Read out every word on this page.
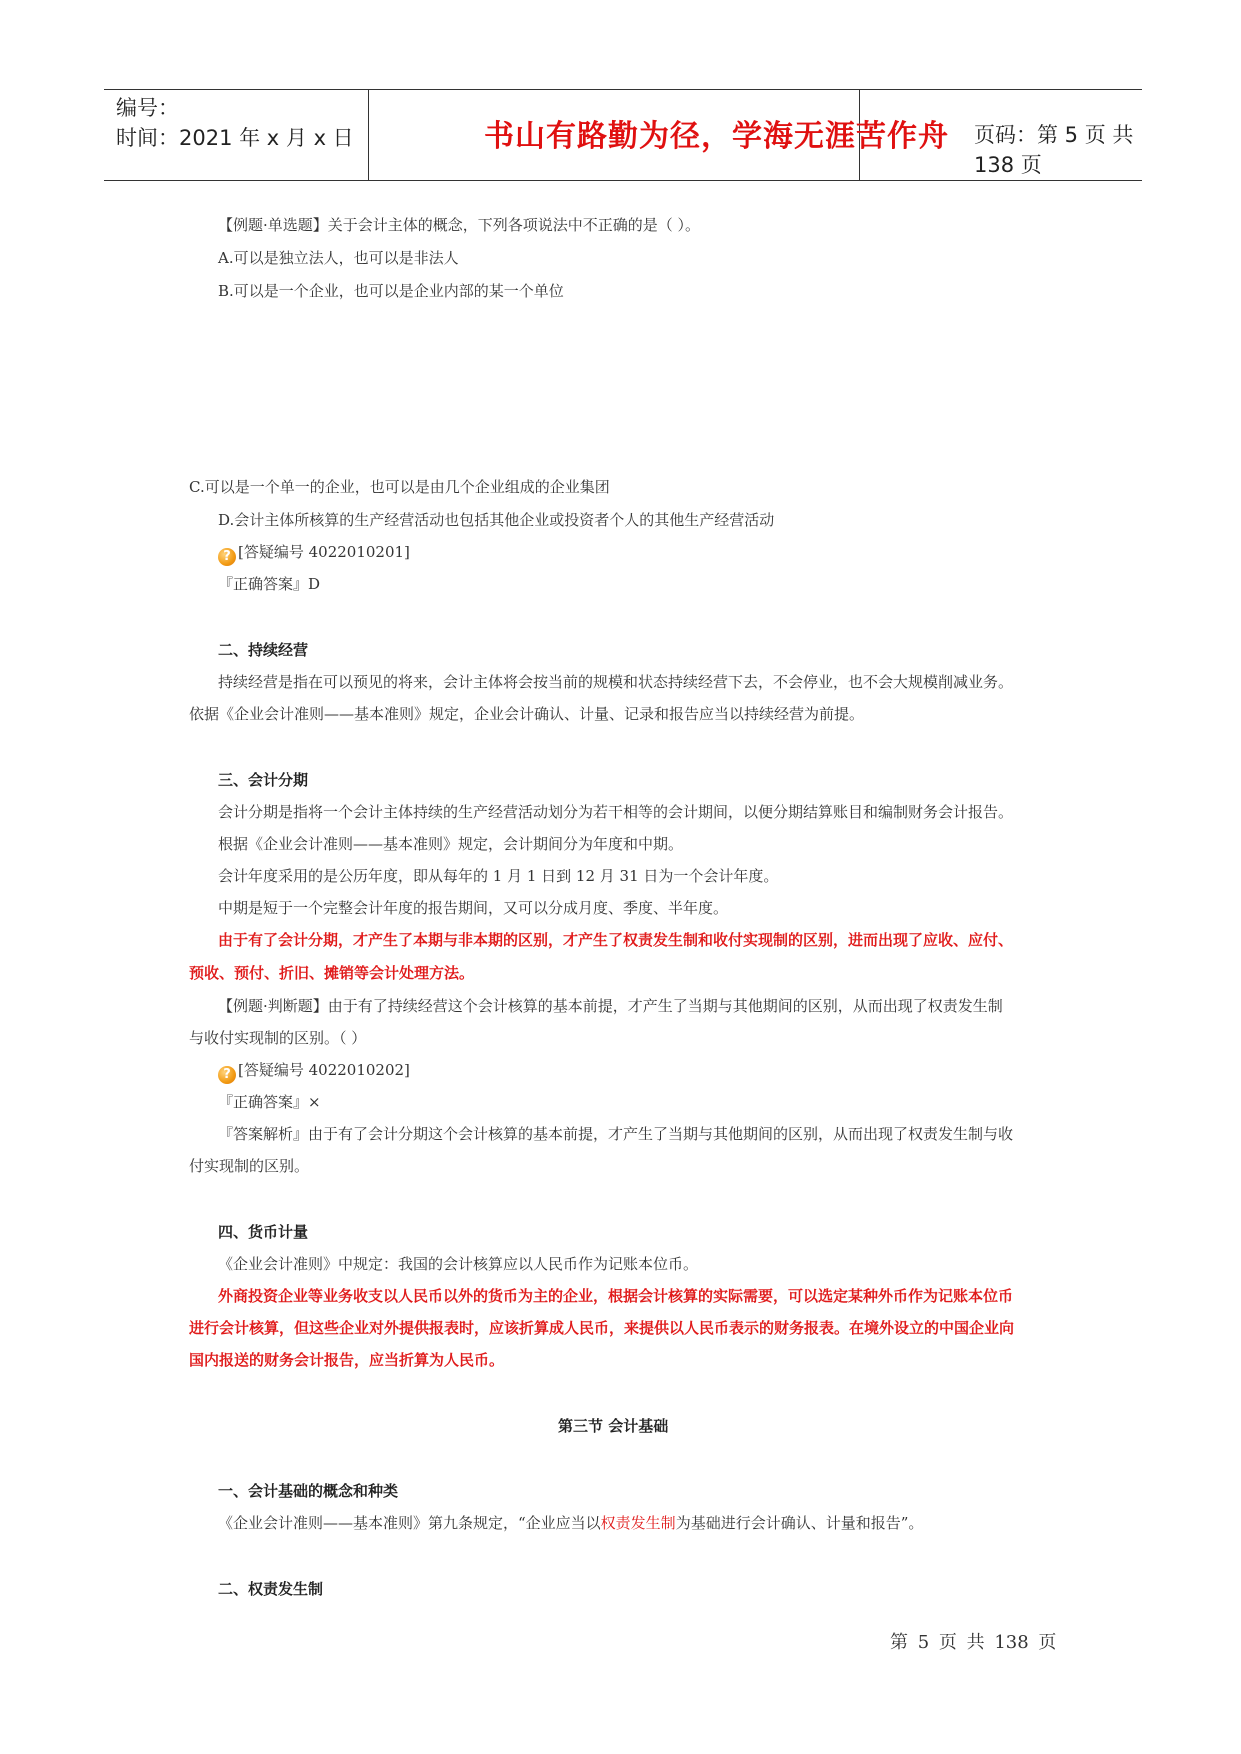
编号：
时间：2021 年 x 月 x 日	书山有路勤为径，学海无涯苦作舟	页码：第 5 页 共 138 页
【例题·单选题】关于会计主体的概念，下列各项说法中不正确的是（ ）。
A.可以是独立法人，也可以是非法人
B.可以是一个企业，也可以是企业内部的某一个单位
C.可以是一个单一的企业，也可以是由几个企业组成的企业集团
D.会计主体所核算的生产经营活动也包括其他企业或投资者个人的其他生产经营活动
? [答疑编号 4022010201]
『正确答案』D
二、持续经营
持续经营是指在可以预见的将来，会计主体将会按当前的规模和状态持续经营下去，不会停业，也不会大规模削减业务。
依据《企业会计准则——基本准则》规定，企业会计确认、计量、记录和报告应当以持续经营为前提。
三、会计分期
会计分期是指将一个会计主体持续的生产经营活动划分为若干相等的会计期间，以便分期结算账目和编制财务会计报告。
根据《企业会计准则——基本准则》规定，会计期间分为年度和中期。
会计年度采用的是公历年度，即从每年的 1 月 1 日到 12 月 31 日为一个会计年度。
中期是短于一个完整会计年度的报告期间，又可以分成月度、季度、半年度。
由于有了会计分期，才产生了本期与非本期的区别，才产生了权责发生制和收付实现制的区别，进而出现了应收、应付、
预收、预付、折旧、摊销等会计处理方法。
【例题·判断题】由于有了持续经营这个会计核算的基本前提，才产生了当期与其他期间的区别，从而出现了权责发生制
与收付实现制的区别。（ ）
? [答疑编号 4022010202]
『正确答案』×
『答案解析』由于有了会计分期这个会计核算的基本前提，才产生了当期与其他期间的区别，从而出现了权责发生制与收
付实现制的区别。
四、货币计量
《企业会计准则》中规定：我国的会计核算应以人民币作为记账本位币。
外商投资企业等业务收支以人民币以外的货币为主的企业，根据会计核算的实际需要，可以选定某种外币作为记账本位币
进行会计核算，但这些企业对外提供报表时，应该折算成人民币，来提供以人民币表示的财务报表。在境外设立的中国企业向
国内报送的财务会计报告，应当折算为人民币。
第三节 会计基础
一、会计基础的概念和种类
《企业会计准则——基本准则》第九条规定，“企业应当以权责发生制为基础进行会计确认、计量和报告”。
二、权责发生制
第 5 页 共 138 页
